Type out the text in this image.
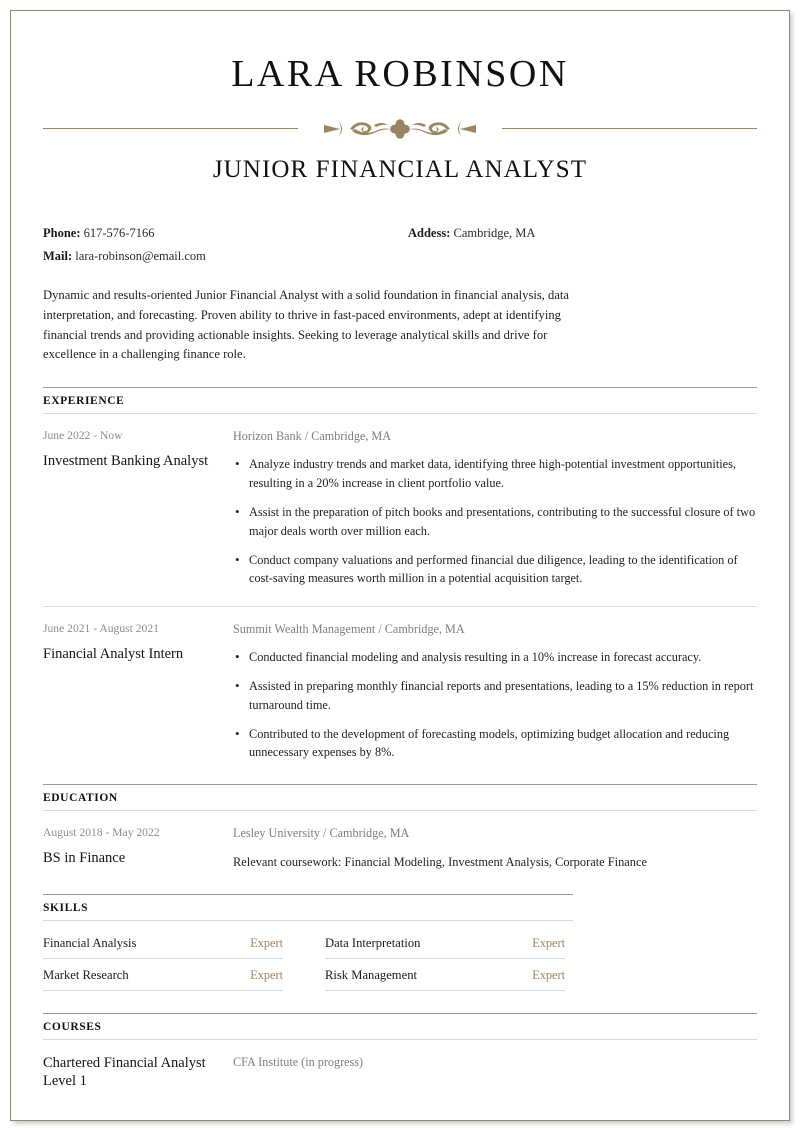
LARA ROBINSON
JUNIOR FINANCIAL ANALYST
Phone: 617-576-7166
Mail: lara-robinson@email.com
Addess: Cambridge, MA
Dynamic and results-oriented Junior Financial Analyst with a solid foundation in financial analysis, data interpretation, and forecasting. Proven ability to thrive in fast-paced environments, adept at identifying financial trends and providing actionable insights. Seeking to leverage analytical skills and drive for excellence in a challenging finance role.
EXPERIENCE
June 2022 - Now
Investment Banking Analyst
Horizon Bank / Cambridge, MA
• Analyze industry trends and market data, identifying three high-potential investment opportunities, resulting in a 20% increase in client portfolio value.
• Assist in the preparation of pitch books and presentations, contributing to the successful closure of two major deals worth over million each.
• Conduct company valuations and performed financial due diligence, leading to the identification of cost-saving measures worth million in a potential acquisition target.
June 2021 - August 2021
Financial Analyst Intern
Summit Wealth Management / Cambridge, MA
• Conducted financial modeling and analysis resulting in a 10% increase in forecast accuracy.
• Assisted in preparing monthly financial reports and presentations, leading to a 15% reduction in report turnaround time.
• Contributed to the development of forecasting models, optimizing budget allocation and reducing unnecessary expenses by 8%.
EDUCATION
August 2018 - May 2022
BS in Finance
Lesley University / Cambridge, MA
Relevant coursework: Financial Modeling, Investment Analysis, Corporate Finance
SKILLS
Financial Analysis	Expert
Market Research	Expert
Data Interpretation	Expert
Risk Management	Expert
COURSES
Chartered Financial Analyst Level 1
CFA Institute (in progress)
